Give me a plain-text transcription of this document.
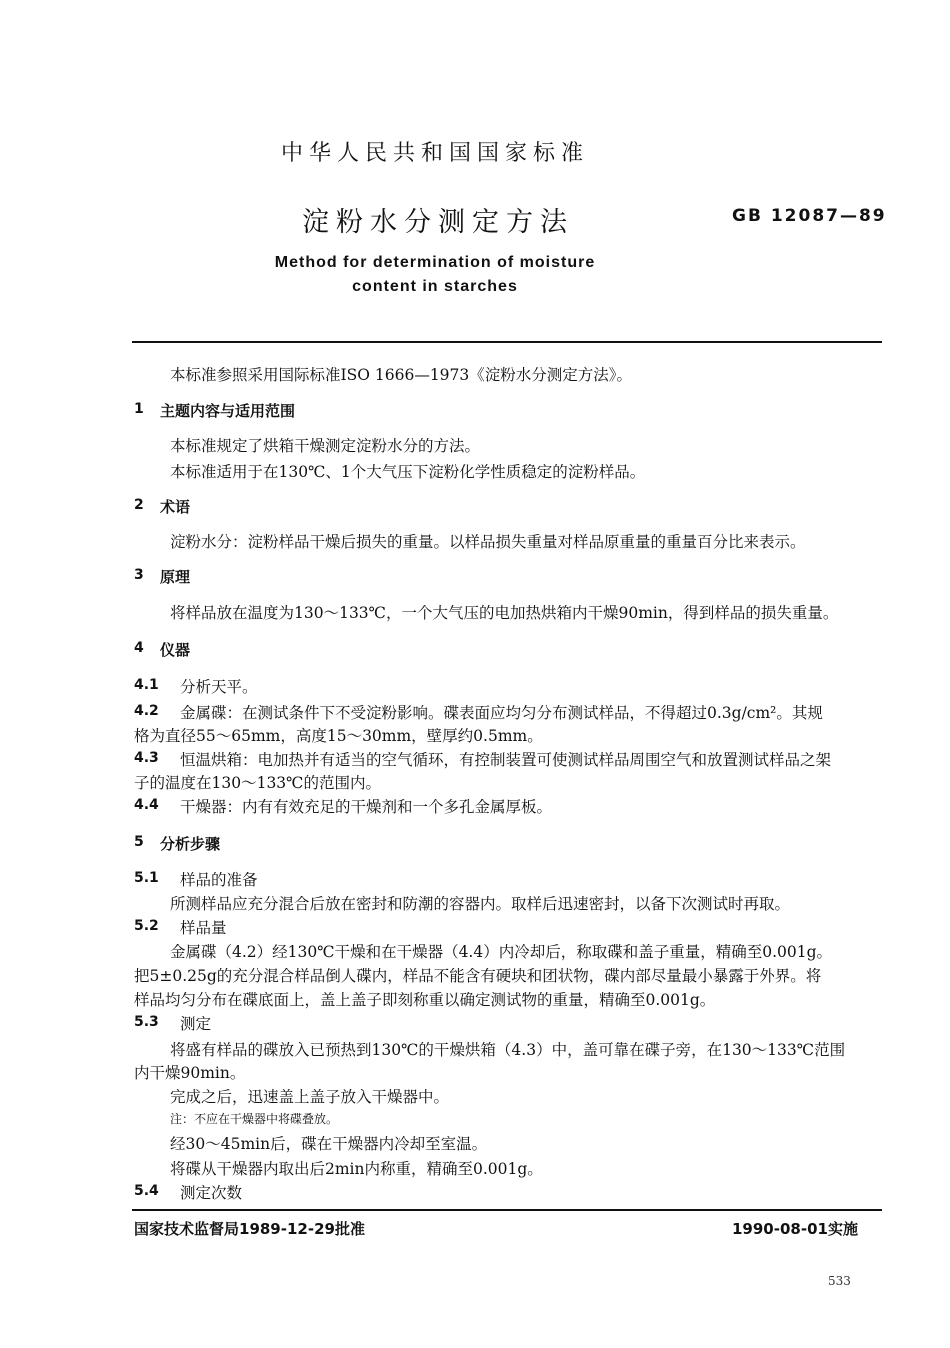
中华人民共和国国家标准
淀粉水分测定方法	GB 12087—89
Method for determination of moisture
content in starches
本标准参照采用国际标准ISO 1666—1973《淀粉水分测定方法》。
1 主题内容与适用范围
本标准规定了烘箱干燥测定淀粉水分的方法。
本标准适用于在130℃、1个大气压下淀粉化学性质稳定的淀粉样品。
2 术语
淀粉水分：淀粉样品干燥后损失的重量。以样品损失重量对样品原重量的重量百分比来表示。
3 原理
将样品放在温度为130～133℃，一个大气压的电加热烘箱内干燥90min，得到样品的损失重量。
4 仪器
4.1 分析天平。
4.2 金属碟：在测试条件下不受淀粉影响。碟表面应均匀分布测试样品，不得超过0.3g/cm²。其规
格为直径55～65mm，高度15～30mm，壁厚约0.5mm。
4.3 恒温烘箱：电加热并有适当的空气循环，有控制装置可使测试样品周围空气和放置测试样品之架
子的温度在130～133℃的范围内。
4.4 干燥器：内有有效充足的干燥剂和一个多孔金属厚板。
5 分析步骤
5.1 样品的准备
所测样品应充分混合后放在密封和防潮的容器内。取样后迅速密封，以备下次测试时再取。
5.2 样品量
金属碟（4.2）经130℃干燥和在干燥器（4.4）内冷却后，称取碟和盖子重量，精确至0.001g。
把5±0.25g的充分混合样品倒人碟内，样品不能含有硬块和团状物，碟内部尽量最小暴露于外界。将
样品均匀分布在碟底面上，盖上盖子即刻称重以确定测试物的重量，精确至0.001g。
5.3 测定
将盛有样品的碟放入已预热到130℃的干燥烘箱（4.3）中，盖可靠在碟子旁，在130～133℃范围
内干燥90min。
完成之后，迅速盖上盖子放入干燥器中。
注：不应在干燥器中将碟叠放。
经30～45min后，碟在干燥器内冷却至室温。
将碟从干燥器内取出后2min内称重，精确至0.001g。
5.4 测定次数
国家技术监督局1989-12-29批准	1990-08-01实施
533
